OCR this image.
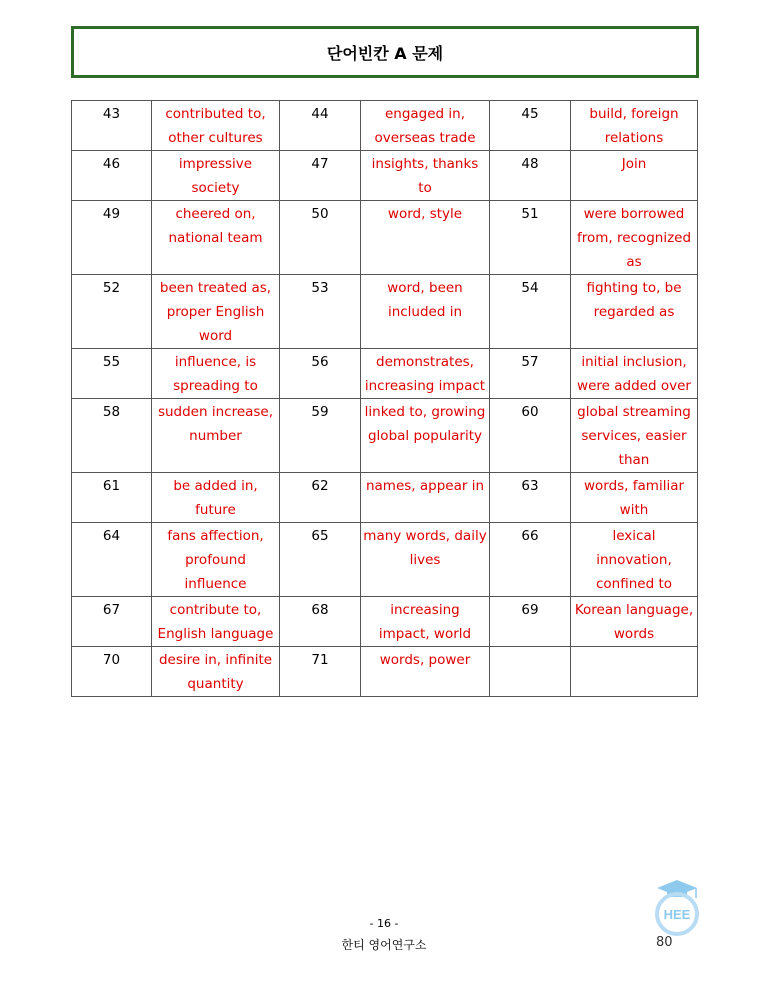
단어빈칸 A 문제
43	contributed to, other cultures	44	engaged in, overseas trade	45	build, foreign relations
46	impressive society	47	insights, thanks to	48	Join
49	cheered on, national team	50	word, style	51	were borrowed from, recognized as
52	been treated as, proper English word	53	word, been included in	54	fighting to, be regarded as
55	influence, is spreading to	56	demonstrates, increasing impact	57	initial inclusion, were added over
58	sudden increase, number	59	linked to, growing global popularity	60	global streaming services, easier than
61	be added in, future	62	names, appear in	63	words, familiar with
64	fans affection, profound influence	65	many words, daily lives	66	lexical innovation, confined to
67	contribute to, English language	68	increasing impact, world	69	Korean language, words
70	desire in, infinite quantity	71	words, power		
- 16 -
한티 영어연구소
HEE
80
